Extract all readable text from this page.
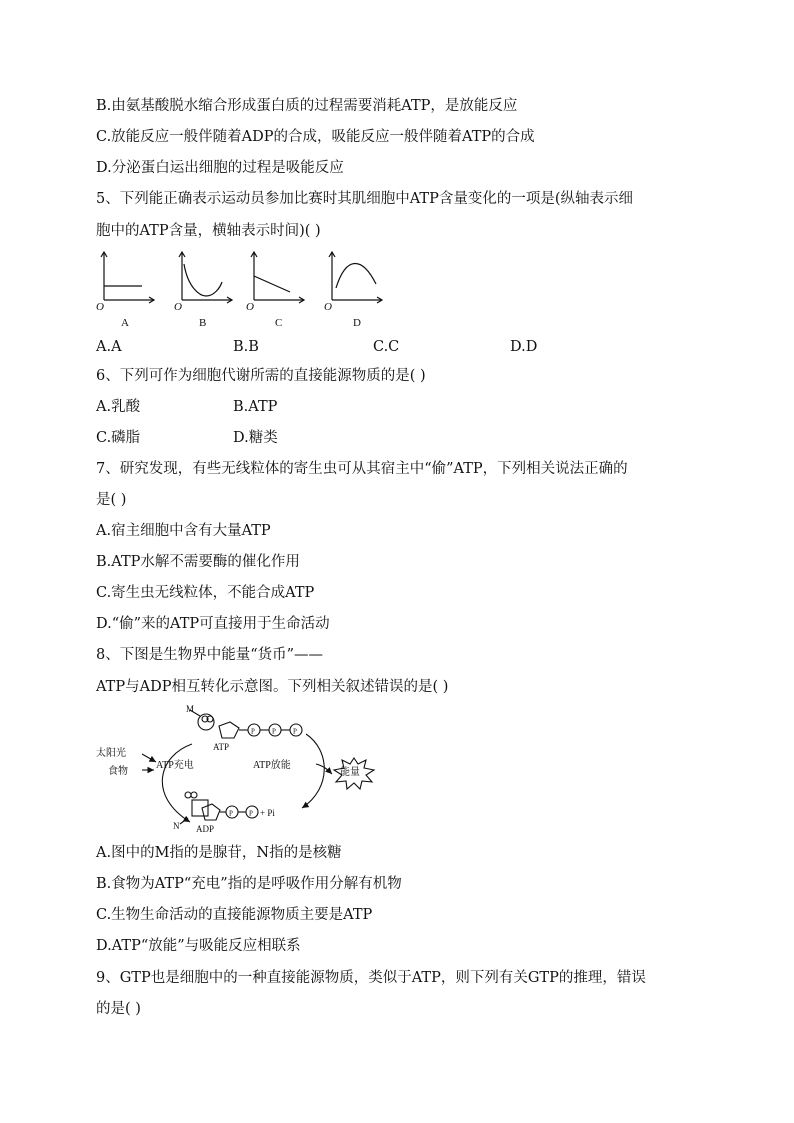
B.由氨基酸脱水缩合形成蛋白质的过程需要消耗ATP，是放能反应
C.放能反应一般伴随着ADP的合成，吸能反应一般伴随着ATP的合成
D.分泌蛋白运出细胞的过程是吸能反应
5、下列能正确表示运动员参加比赛时其肌细胞中ATP含量变化的一项是(纵轴表示细
胞中的ATP含量，横轴表示时间)( )
O	O	O	O
A	B	C	D
A.A	B.B	C.C	D.D
6、下列可作为细胞代谢所需的直接能源物质的是( )
A.乳酸	B.ATP
C.磷脂	D.糖类
7、研究发现，有些无线粒体的寄生虫可从其宿主中“偷”ATP，下列相关说法正确的
是( )
A.宿主细胞中含有大量ATP
B.ATP水解不需要酶的催化作用
C.寄生虫无线粒体，不能合成ATP
D.“偷”来的ATP可直接用于生命活动
8、下图是生物界中能量“货币”——
ATP与ADP相互转化示意图。下列相关叙述错误的是( )
M
ATP
P P P
太阳光
食物
ATP充电	ATP放能
能量
N ADP
P P + Pi
A.图中的M指的是腺苷，N指的是核糖
B.食物为ATP“充电”指的是呼吸作用分解有机物
C.生物生命活动的直接能源物质主要是ATP
D.ATP“放能”与吸能反应相联系
9、GTP也是细胞中的一种直接能源物质，类似于ATP，则下列有关GTP的推理，错误
的是( )
